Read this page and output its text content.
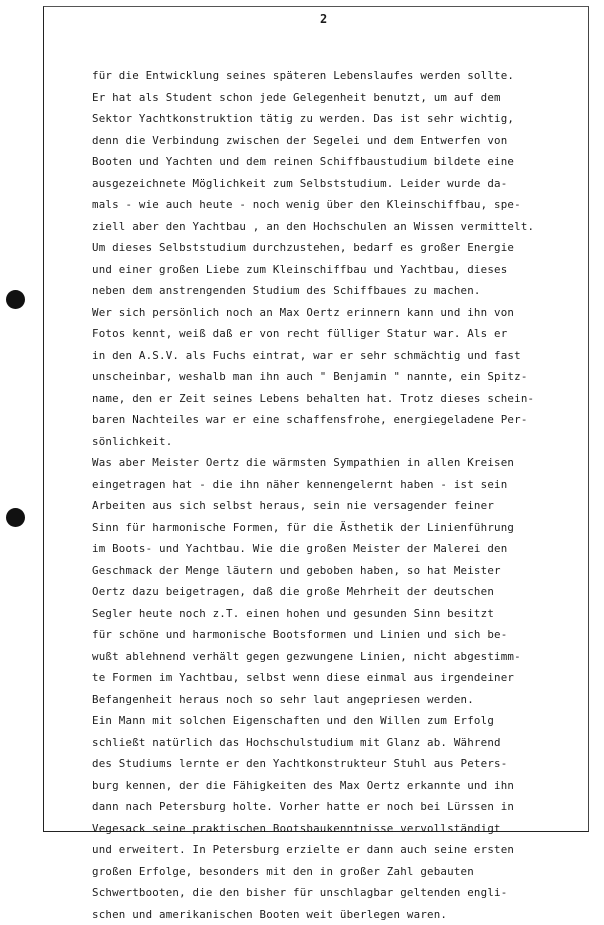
2
für die Entwicklung seines späteren Lebenslaufes werden sollte.
Er hat als Student schon jede Gelegenheit benutzt, um auf dem
Sektor Yachtkonstruktion tätig zu werden. Das ist sehr wichtig,
denn die Verbindung zwischen der Segelei und dem Entwerfen von
Booten und Yachten und dem reinen Schiffbaustudium bildete eine
ausgezeichnete Möglichkeit zum Selbststudium. Leider wurde da-
mals - wie auch heute - noch wenig über den Kleinschiffbau, spe-
ziell aber den Yachtbau , an den Hochschulen an Wissen vermittelt.
Um dieses Selbststudium durchzustehen, bedarf es großer Energie
und einer großen Liebe zum Kleinschiffbau und Yachtbau, dieses
neben dem anstrengenden Studium des Schiffbaues zu machen.
Wer sich persönlich noch an Max Oertz erinnern kann und ihn von
Fotos kennt, weiß daß er von recht fülliger Statur war. Als er
in den A.S.V. als Fuchs eintrat, war er sehr schmächtig und fast
unscheinbar, weshalb man ihn auch " Benjamin " nannte, ein Spitz-
name, den er Zeit seines Lebens behalten hat. Trotz dieses schein-
baren Nachteiles war er eine schaffensfrohe, energiegeladene Per-
sönlichkeit.
Was aber Meister Oertz die wärmsten Sympathien in allen Kreisen
eingetragen hat - die ihn näher kennengelernt haben - ist sein
Arbeiten aus sich selbst heraus, sein nie versagender feiner
Sinn für harmonische Formen, für die Ästhetik der Linienführung
im Boots- und Yachtbau. Wie die großen Meister der Malerei den
Geschmack der Menge läutern und geboben haben, so hat Meister
Oertz dazu beigetragen, daß die große Mehrheit der deutschen
Segler heute noch z.T. einen hohen und gesunden Sinn besitzt
für schöne und harmonische Bootsformen und Linien und sich be-
wußt ablehnend verhält gegen gezwungene Linien, nicht abgestimm-
te Formen im Yachtbau, selbst wenn diese einmal aus irgendeiner
Befangenheit heraus noch so sehr laut angepriesen werden.
Ein Mann mit solchen Eigenschaften und den Willen zum Erfolg
schließt natürlich das Hochschulstudium mit Glanz ab. Während
des Studiums lernte er den Yachtkonstrukteur Stuhl aus Peters-
burg kennen, der die Fähigkeiten des Max Oertz erkannte und ihn
dann nach Petersburg holte. Vorher hatte er noch bei Lürssen in
Vegesack seine praktischen Bootsbaukenntnisse vervollständigt
und erweitert. In Petersburg erzielte er dann auch seine ersten
großen Erfolge, besonders mit den in großer Zahl gebauten
Schwertbooten, die den bisher für unschlagbar geltenden engli-
schen und amerikanischen Booten weit überlegen waren.
